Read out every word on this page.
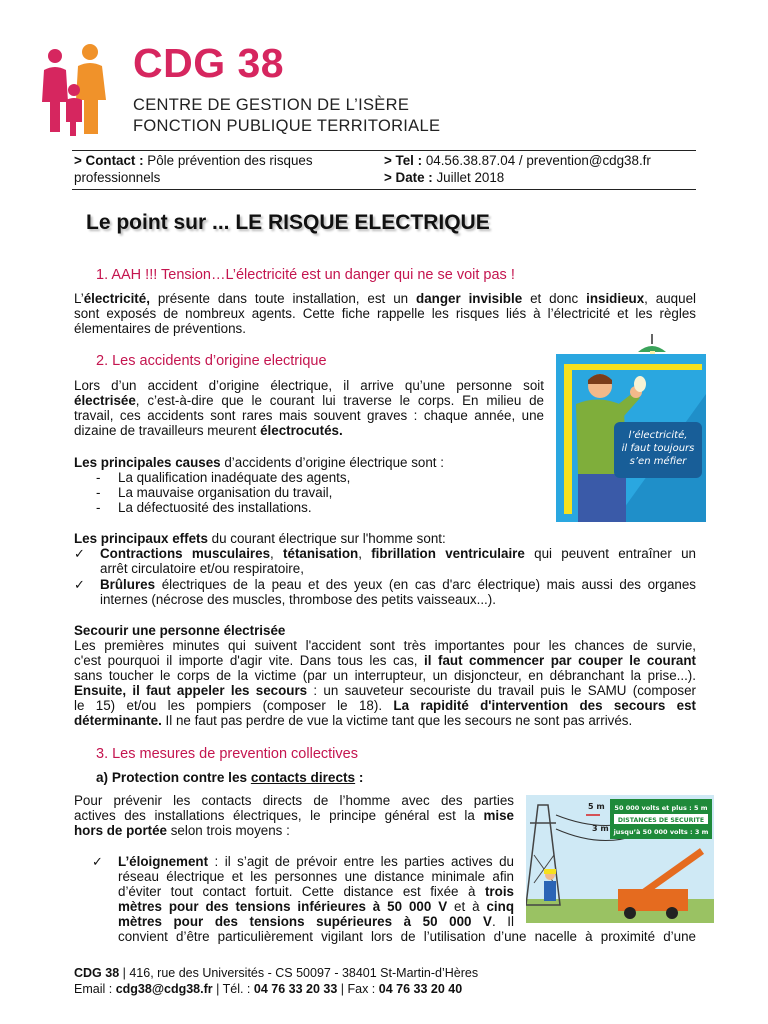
CDG 38
CENTRE DE GESTION DE L’ISÈRE
FONCTION PUBLIQUE TERRITORIALE
> Contact : Pôle prévention des risques
professionnels
> Tel : 04.56.38.87.04 / prevention@cdg38.fr
> Date : Juillet 2018
Le point sur ... LE RISQUE ELECTRIQUE
1. AAH !!! Tension…L’électricité est un danger qui ne se voit pas !
L’électricité, présente dans toute installation, est un danger invisible et donc insidieux, auquel
sont exposés de nombreux agents. Cette fiche rappelle les risques liés à l’électricité et les règles
élementaires de préventions.
2. Les accidents d’origine electrique
Lors d’un accident d’origine électrique, il arrive qu’une personne soit
électrisée, c’est-à-dire que le courant lui traverse le corps. En milieu de
travail, ces accidents sont rares mais souvent graves : chaque année, une
dizaine de travailleurs meurent électrocutés.
Les principales causes d’accidents d’origine électrique sont :
- La qualification inadéquate des agents,
- La mauvaise organisation du travail,
- La défectuosité des installations.
l’électricité,
il faut toujours
s’en méfier
Les principaux effets du courant électrique sur l'homme sont:
✓ Contractions musculaires, tétanisation, fibrillation ventriculaire qui peuvent entraîner un
arrêt circulatoire et/ou respiratoire,
✓ Brûlures électriques de la peau et des yeux (en cas d'arc électrique) mais aussi des organes
internes (nécrose des muscles, thrombose des petits vaisseaux...).
Secourir une personne électrisée
Les premières minutes qui suivent l'accident sont très importantes pour les chances de survie,
c'est pourquoi il importe d'agir vite. Dans tous les cas, il faut commencer par couper le courant
sans toucher le corps de la victime (par un interrupteur, un disjoncteur, en débranchant la prise...).
Ensuite, il faut appeler les secours : un sauveteur secouriste du travail puis le SAMU (composer
le 15) et/ou les pompiers (composer le 18). La rapidité d'intervention des secours est
déterminante. Il ne faut pas perdre de vue la victime tant que les secours ne sont pas arrivés.
3. Les mesures de prevention collectives
a) Protection contre les contacts directs :
Pour prévenir les contacts directs de l’homme avec des parties
actives des installations électriques, le principe général est la mise
hors de portée selon trois moyens :
✓ L’éloignement : il s’agit de prévoir entre les parties actives du
réseau électrique et les personnes une distance minimale afin
d’éviter tout contact fortuit. Cette distance est fixée à trois
mètres pour des tensions inférieures à 50 000 V et à cinq
mètres pour des tensions supérieures à 50 000 V. Il
convient d’être particulièrement vigilant lors de l’utilisation d’une nacelle à proximité d’une
5 m
3 m
50 000 volts et plus : 5 m
DISTANCES DE SECURITE
jusqu’à 50 000 volts : 3 m
CDG 38 | 416, rue des Universités - CS 50097 - 38401 St-Martin-d’Hères
Email : cdg38@cdg38.fr | Tél. : 04 76 33 20 33 | Fax : 04 76 33 20 40
